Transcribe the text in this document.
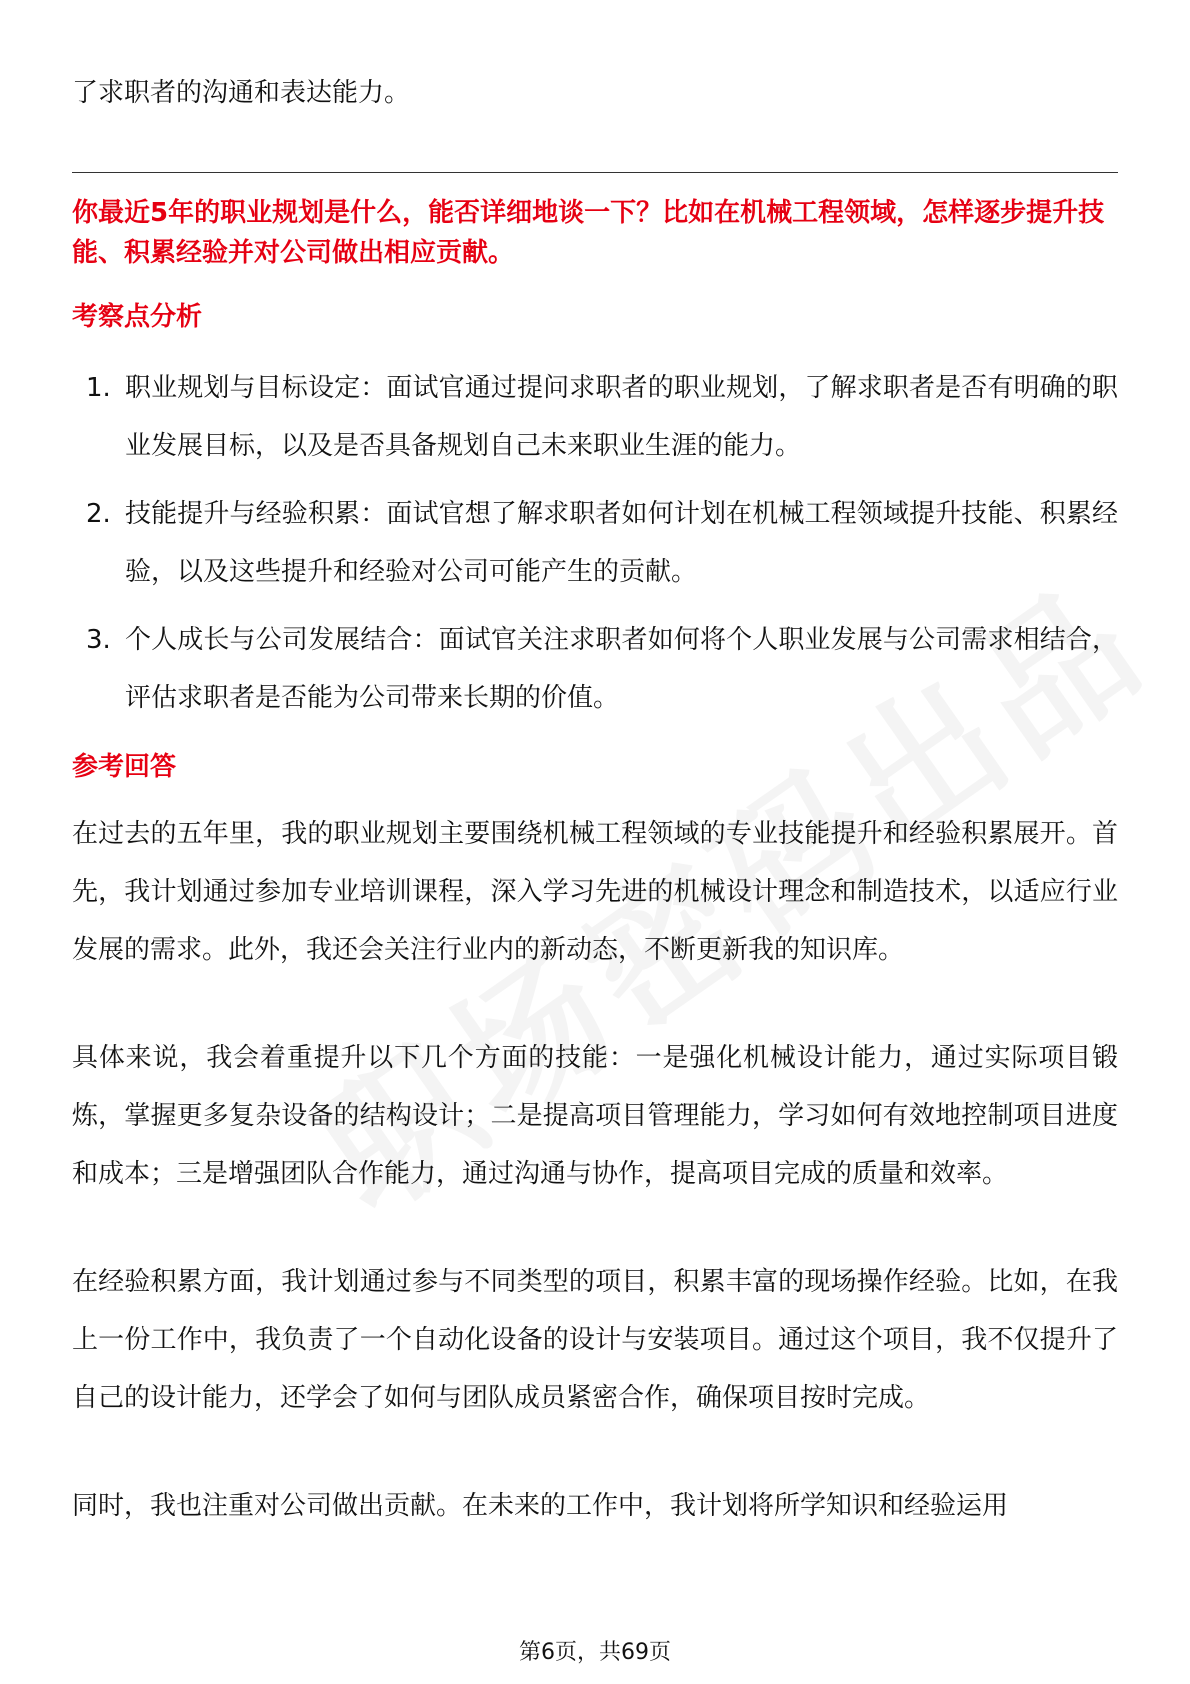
了求职者的沟通和表达能力。

你最近5年的职业规划是什么，能否详细地谈一下？比如在机械工程领域，怎样逐步提升技能、积累经验并对公司做出相应贡献。

考察点分析
1. 职业规划与目标设定：面试官通过提问求职者的职业规划，了解求职者是否有明确的职业发展目标，以及是否具备规划自己未来职业生涯的能力。
2. 技能提升与经验积累：面试官想了解求职者如何计划在机械工程领域提升技能、积累经验，以及这些提升和经验对公司可能产生的贡献。
3. 个人成长与公司发展结合：面试官关注求职者如何将个人职业发展与公司需求相结合，评估求职者是否能为公司带来长期的价值。
参考回答

在过去的五年里，我的职业规划主要围绕机械工程领域的专业技能提升和经验积累展开。首先，我计划通过参加专业培训课程，深入学习先进的机械设计理念和制造技术，以适应行业发展的需求。此外，我还会关注行业内的新动态，不断更新我的知识库。

具体来说，我会着重提升以下几个方面的技能：一是强化机械设计能力，通过实际项目锻炼，掌握更多复杂设备的结构设计；二是提高项目管理能力，学习如何有效地控制项目进度和成本；三是增强团队合作能力，通过沟通与协作，提高项目完成的质量和效率。

在经验积累方面，我计划通过参与不同类型的项目，积累丰富的现场操作经验。比如，在我上一份工作中，我负责了一个自动化设备的设计与安装项目。通过这个项目，我不仅提升了自己的设计能力，还学会了如何与团队成员紧密合作，确保项目按时完成。

同时，我也注重对公司做出贡献。在未来的工作中，我计划将所学知识和经验运用

第6页，共69页
